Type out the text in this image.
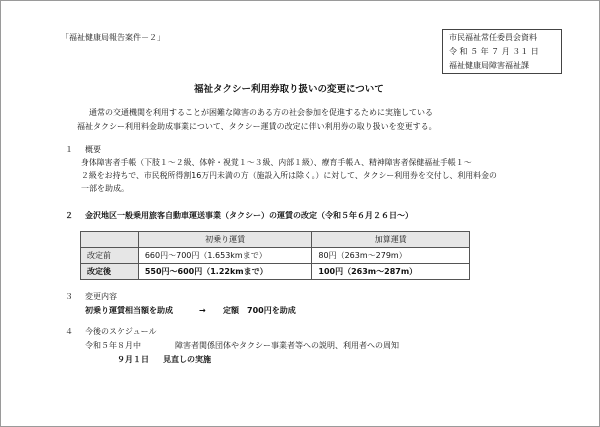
「福祉健康局報告案件－２」	市民福祉常任委員会資料
令 和 ５ 年 ７ 月 ３１ 日
福祉健康局障害福祉課
福祉タクシー利用券取り扱いの変更について
通常の交通機関を利用することが困難な障害のある方の社会参加を促進するために実施している
福祉タクシー利用料金助成事業について、タクシー運賃の改定に伴い利用券の取り扱いを変更する。
１ 概要
身体障害者手帳（下肢１～２級、体幹・視覚１～３級、内部１級）、療育手帳Ａ、精神障害者保健福祉手帳１～
２級をお持ちで、市民税所得割16万円未満の方（施設入所は除く。）に対して、タクシー利用券を交付し、利用料金の
一部を助成。
２ 金沢地区一般乗用旅客自動車運送事業（タクシー）の運賃の改定（令和５年６月２６日～）
	初乗り運賃	加算運賃
改定前	660円～700円（1.653kmまで）	80円（263m～279m）
改定後	550円～600円（1.22kmまで）	100円（263m～287m）
３ 変更内容
初乗り運賃相当額を助成	→ 定額　700円を助成
４ 今後のスケジュール
令和５年８月中	障害者関係団体やタクシー事業者等への説明、利用者への周知
９月１日 見直しの実施
